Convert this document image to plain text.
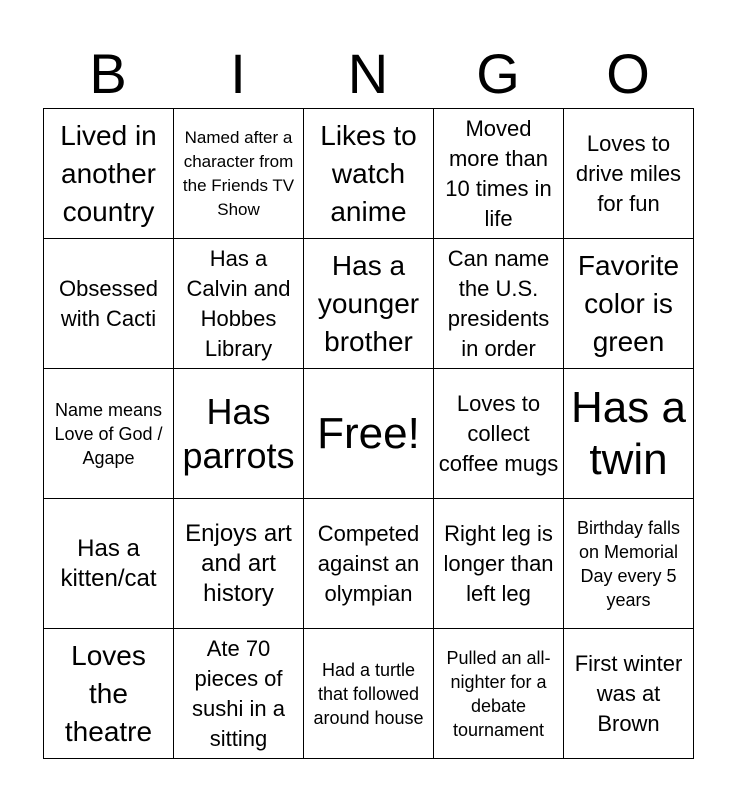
B	I	N	G	O
Lived in another country	Named after a character from the Friends TV Show	Likes to watch anime	Moved more than 10 times in life	Loves to drive miles for fun
Obsessed with Cacti	Has a Calvin and Hobbes Library	Has a younger brother	Can name the U.S. presidents in order	Favorite color is green
Name means Love of God / Agape	Has parrots	Free!	Loves to collect coffee mugs	Has a twin
Has a kitten/cat	Enjoys art and art history	Competed against an olympian	Right leg is longer than left leg	Birthday falls on Memorial Day every 5 years
Loves the theatre	Ate 70 pieces of sushi in a sitting	Had a turtle that followed around house	Pulled an all-nighter for a debate tournament	First winter was at Brown
